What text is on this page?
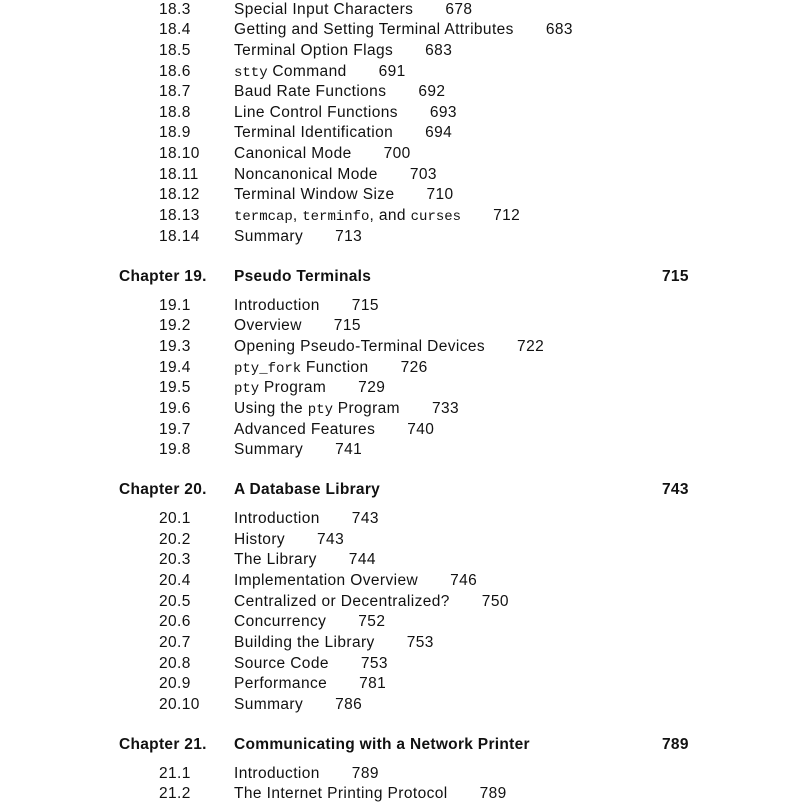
18.3	Special Input Characters 678
18.4	Getting and Setting Terminal Attributes 683
18.5	Terminal Option Flags 683
18.6	stty Command 691
18.7	Baud Rate Functions 692
18.8	Line Control Functions 693
18.9	Terminal Identification 694
18.10 Canonical Mode 700
18.11 Noncanonical Mode 703
18.12 Terminal Window Size 710
18.13 termcap, terminfo, and curses 712
18.14 Summary 713
Chapter 19. Pseudo Terminals	715
19.1	Introduction 715
19.2	Overview 715
19.3	Opening Pseudo-Terminal Devices 722
19.4	pty_fork Function 726
19.5	pty Program 729
19.6	Using the pty Program 733
19.7	Advanced Features 740
19.8	Summary 741
Chapter 20. A Database Library	743
20.1	Introduction 743
20.2	History 743
20.3	The Library 744
20.4	Implementation Overview 746
20.5	Centralized or Decentralized? 750
20.6	Concurrency 752
20.7	Building the Library 753
20.8	Source Code 753
20.9	Performance 781
20.10 Summary 786
Chapter 21. Communicating with a Network Printer	789
21.1	Introduction 789
21.2	The Internet Printing Protocol 789
